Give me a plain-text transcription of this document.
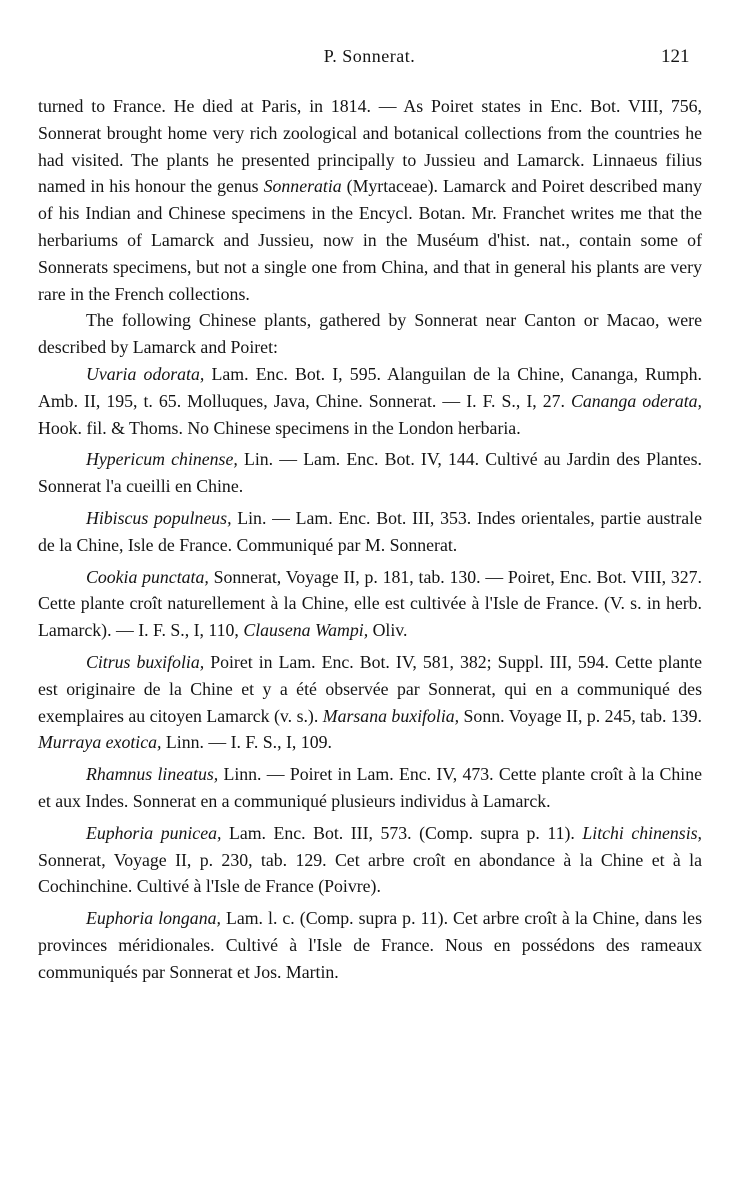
P. Sonnerat.	121

turned to France. He died at Paris, in 1814. — As Poiret states in Enc. Bot. VIII, 756, Sonnerat brought home very rich zoological and botanical collections from the countries he had visited. The plants he presented principally to Jussieu and Lamarck. Linnaeus filius named in his honour the genus Sonneratia (Myrtaceae). Lamarck and Poiret described many of his Indian and Chinese specimens in the Encycl. Botan. Mr. Franchet writes me that the herbariums of Lamarck and Jussieu, now in the Muséum d'hist. nat., contain some of Sonnerats specimens, but not a single one from China, and that in general his plants are very rare in the French collections.

The following Chinese plants, gathered by Sonnerat near Canton or Macao, were described by Lamarck and Poiret:

Uvaria odorata, Lam. Enc. Bot. I, 595. Alanguilan de la Chine, Cananga, Rumph. Amb. II, 195, t. 65. Molluques, Java, Chine. Sonnerat. — I. F. S., I, 27. Cananga oderata, Hook. fil. & Thoms. No Chinese specimens in the London herbaria.

Hypericum chinense, Lin. — Lam. Enc. Bot. IV, 144. Cultivé au Jardin des Plantes. Sonnerat l'a cueilli en Chine.

Hibiscus populneus, Lin. — Lam. Enc. Bot. III, 353. Indes orientales, partie australe de la Chine, Isle de France. Communiqué par M. Sonnerat.

Cookia punctata, Sonnerat, Voyage II, p. 181, tab. 130. — Poiret, Enc. Bot. VIII, 327. Cette plante croît naturellement à la Chine, elle est cultivée à l'Isle de France. (V. s. in herb. Lamarck). — I. F. S., I, 110, Clausena Wampi, Oliv.

Citrus buxifolia, Poiret in Lam. Enc. Bot. IV, 581, 382; Suppl. III, 594. Cette plante est originaire de la Chine et y a été observée par Sonnerat, qui en a communiqué des exemplaires au citoyen Lamarck (v. s.). Marsana buxifolia, Sonn. Voyage II, p. 245, tab. 139. Murraya exotica, Linn. — I. F. S., I, 109.

Rhamnus lineatus, Linn. — Poiret in Lam. Enc. IV, 473. Cette plante croît à la Chine et aux Indes. Sonnerat en a communiqué plusieurs individus à Lamarck.

Euphoria punicea, Lam. Enc. Bot. III, 573. (Comp. supra p. 11). Litchi chinensis, Sonnerat, Voyage II, p. 230, tab. 129. Cet arbre croît en abondance à la Chine et à la Cochinchine. Cultivé à l'Isle de France (Poivre).

Euphoria longana, Lam. l. c. (Comp. supra p. 11). Cet arbre croît à la Chine, dans les provinces méridionales. Cultivé à l'Isle de France. Nous en possédons des rameaux communiqués par Sonnerat et Jos. Martin.
